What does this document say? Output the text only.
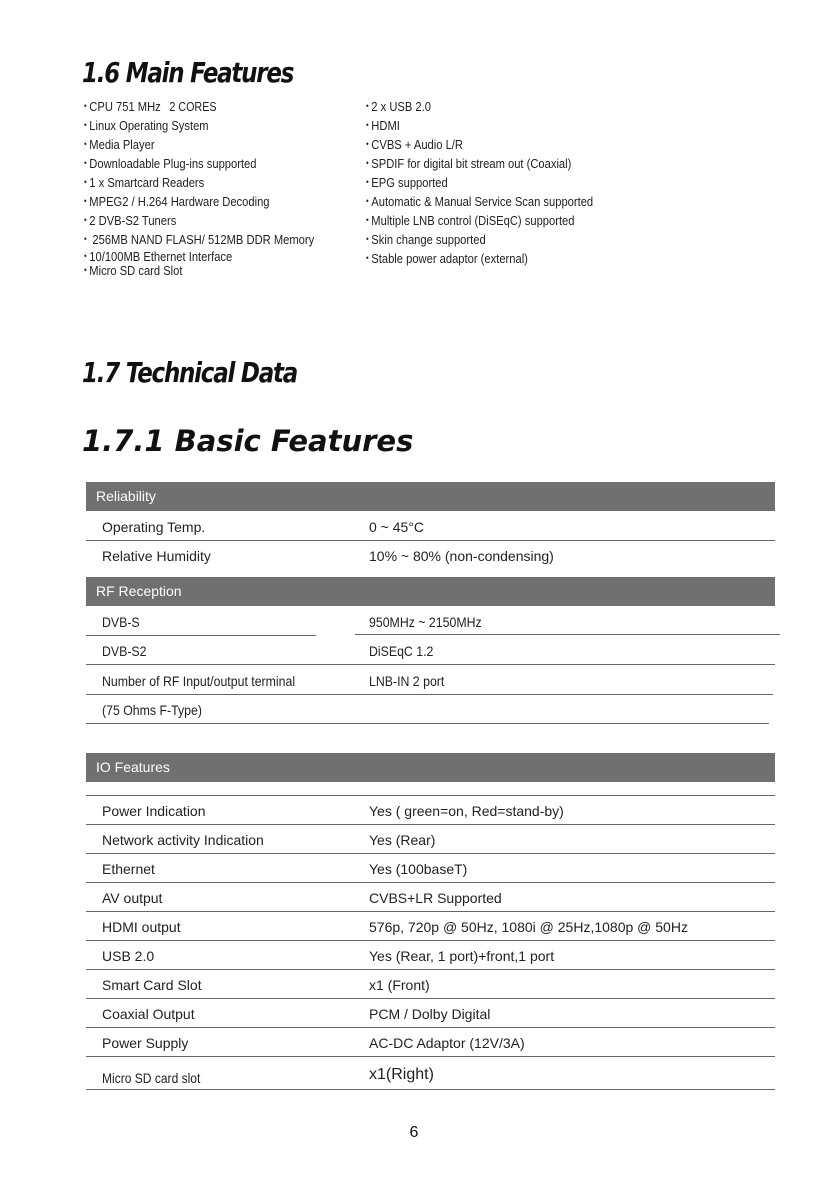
1.6 Main Features
• CPU 751 MHz 2 CORES
• Linux Operating System
• Media Player
• Downloadable Plug-ins supported
• 1 x Smartcard Readers
• MPEG2 / H.264 Hardware Decoding
• 2 DVB-S2 Tuners
• 256MB NAND FLASH/ 512MB DDR Memory
• 10/100MB Ethernet Interface
• Micro SD card Slot
• 2 x USB 2.0
• HDMI
• CVBS + Audio L/R
• SPDIF for digital bit stream out (Coaxial)
• EPG supported
• Automatic & Manual Service Scan supported
• Multiple LNB control (DiSEqC) supported
• Skin change supported
• Stable power adaptor (external)
1.7 Technical Data
1.7.1 Basic Features
Reliability
Operating Temp.	0 ~ 45°C
Relative Humidity	10% ~ 80% (non-condensing)
RF Reception
DVB-S	950MHz ~ 2150MHz
DVB-S2	DiSEqC 1.2
Number of RF Input/output terminal	LNB-IN 2 port
(75 Ohms F-Type)
IO Features
Power Indication	Yes ( green=on, Red=stand-by)
Network activity Indication	Yes (Rear)
Ethernet	Yes (100baseT)
AV output	CVBS+LR Supported
HDMI output	576p, 720p @ 50Hz, 1080i @ 25Hz,1080p @ 50Hz
USB 2.0	Yes (Rear, 1 port)+front,1 port
Smart Card Slot	x1 (Front)
Coaxial Output	PCM / Dolby Digital
Power Supply	AC-DC Adaptor (12V/3A)
Micro SD card slot	x1(Right)
6
